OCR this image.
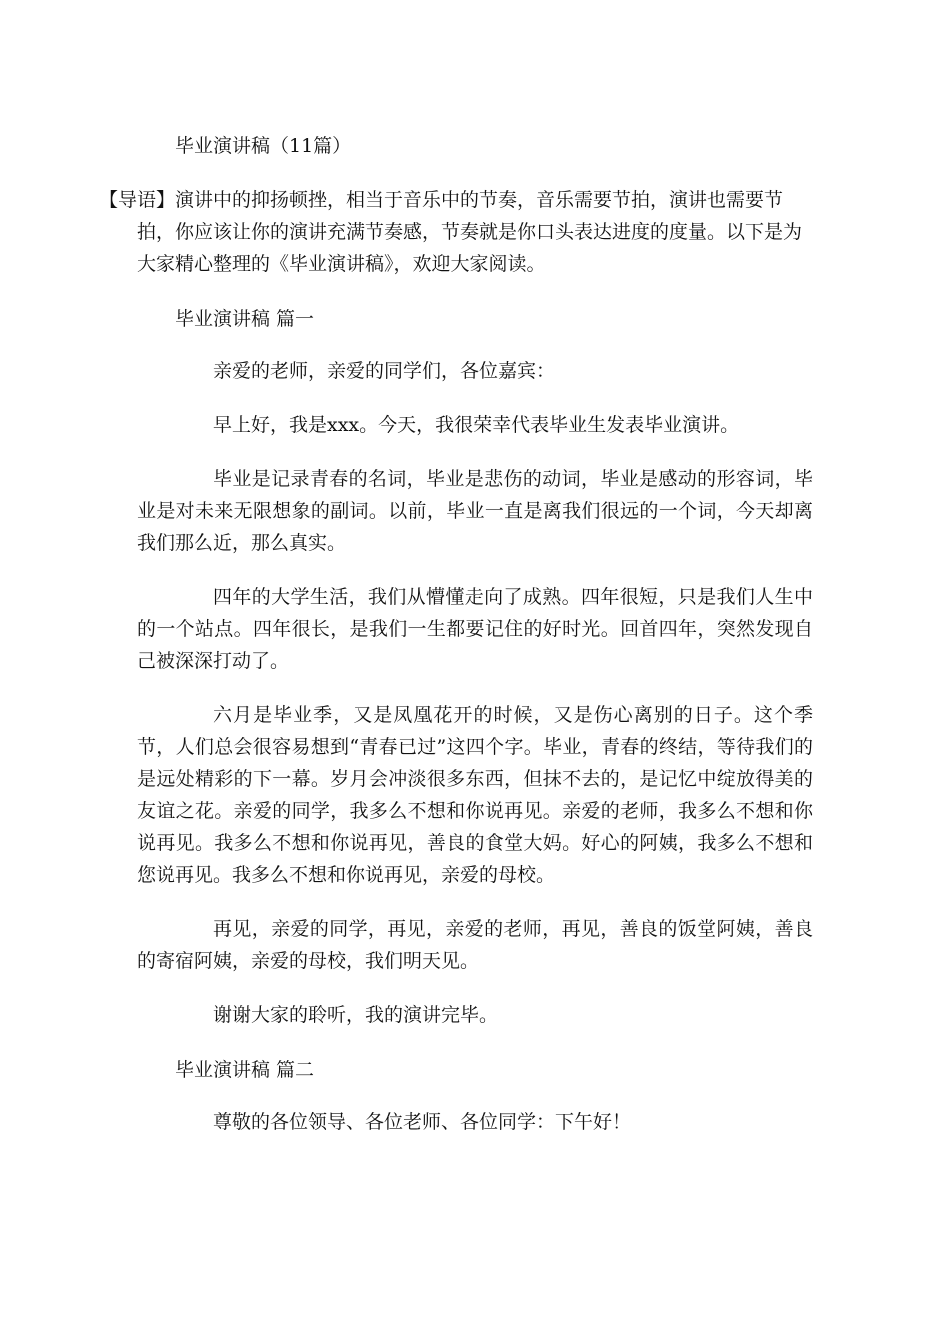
毕业演讲稿（11篇）

【导语】演讲中的抑扬顿挫，相当于音乐中的节奏，音乐需要节拍，演讲也需要节拍，你应该让你的演讲充满节奏感，节奏就是你口头表达进度的度量。以下是为大家精心整理的《毕业演讲稿》，欢迎大家阅读。

毕业演讲稿 篇一

亲爱的老师，亲爱的同学们，各位嘉宾：

早上好，我是xxx。今天，我很荣幸代表毕业生发表毕业演讲。

毕业是记录青春的名词，毕业是悲伤的动词，毕业是感动的形容词，毕业是对未来无限想象的副词。以前，毕业一直是离我们很远的一个词，今天却离我们那么近，那么真实。

四年的大学生活，我们从懵懂走向了成熟。四年很短，只是我们人生中的一个站点。四年很长，是我们一生都要记住的好时光。回首四年，突然发现自己被深深打动了。

六月是毕业季，又是凤凰花开的时候，又是伤心离别的日子。这个季节，人们总会很容易想到“青春已过”这四个字。毕业，青春的终结，等待我们的是远处精彩的下一幕。岁月会冲淡很多东西，但抹不去的，是记忆中绽放得美的友谊之花。亲爱的同学，我多么不想和你说再见。亲爱的老师，我多么不想和你说再见。我多么不想和你说再见，善良的食堂大妈。好心的阿姨，我多么不想和您说再见。我多么不想和你说再见，亲爱的母校。

再见，亲爱的同学，再见，亲爱的老师，再见，善良的饭堂阿姨，善良的寄宿阿姨，亲爱的母校，我们明天见。

谢谢大家的聆听，我的演讲完毕。

毕业演讲稿 篇二

尊敬的各位领导、各位老师、各位同学：下午好！
